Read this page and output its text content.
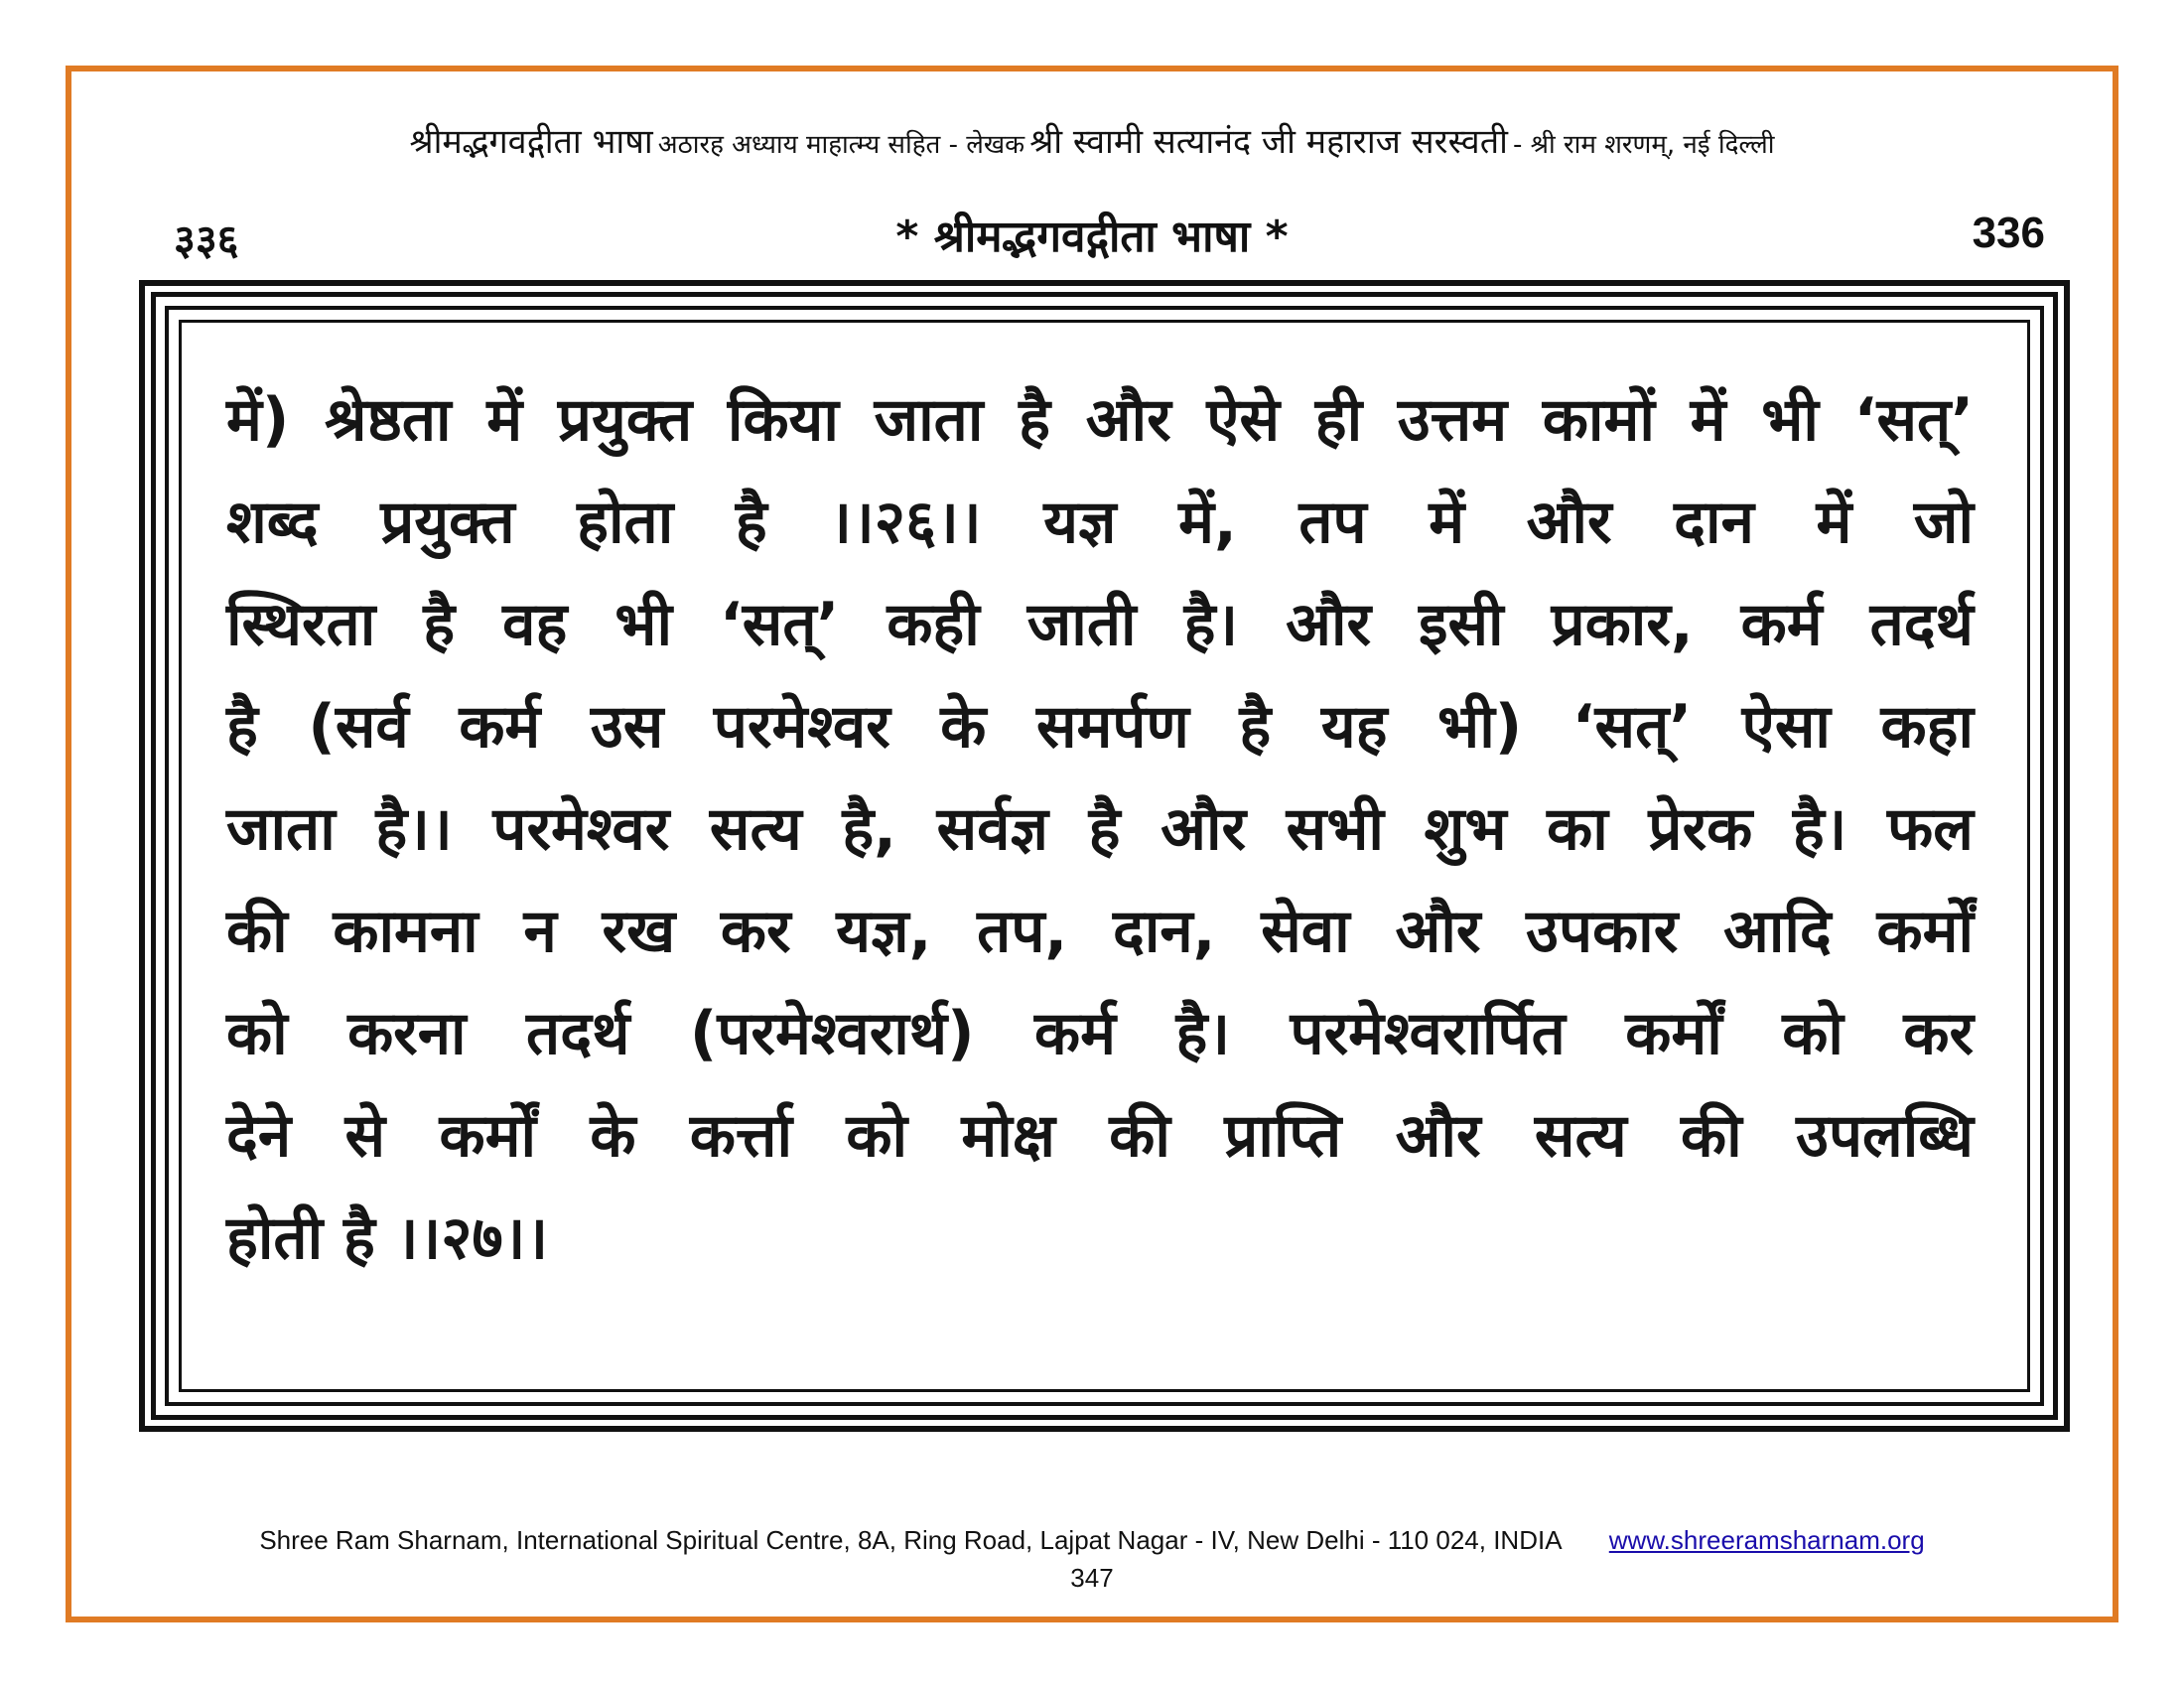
श्रीमद्भगवद्गीता भाषा अठारह अध्याय माहात्म्य सहित - लेखक श्री स्वामी सत्यानंद जी महाराज सरस्वती - श्री राम शरणम्, नई दिल्ली
३३६	* श्रीमद्भगवद्गीता भाषा *	336
में) श्रेष्ठता में प्रयुक्त किया जाता है और ऐसे ही उत्तम कामों में भी ‘सत्’
शब्द प्रयुक्त होता है ।।२६।। यज्ञ में, तप में और दान में जो
स्थिरता है वह भी ‘सत्’ कही जाती है। और इसी प्रकार, कर्म तदर्थ
है (सर्व कर्म उस परमेश्वर के समर्पण है यह भी) ‘सत्’ ऐसा कहा
जाता है।। परमेश्वर सत्य है, सर्वज्ञ है और सभी शुभ का प्रेरक है। फल
की कामना न रख कर यज्ञ, तप, दान, सेवा और उपकार आदि कर्मों
को करना तदर्थ (परमेश्वरार्थ) कर्म है। परमेश्वरार्पित कर्मों को कर
देने से कर्मों के कर्त्ता को मोक्ष की प्राप्ति और सत्य की उपलब्धि
होती है ।।२७।।
Shree Ram Sharnam, International Spiritual Centre, 8A, Ring Road, Lajpat Nagar - IV, New Delhi - 110 024, INDIA www.shreeramsharnam.org
347
